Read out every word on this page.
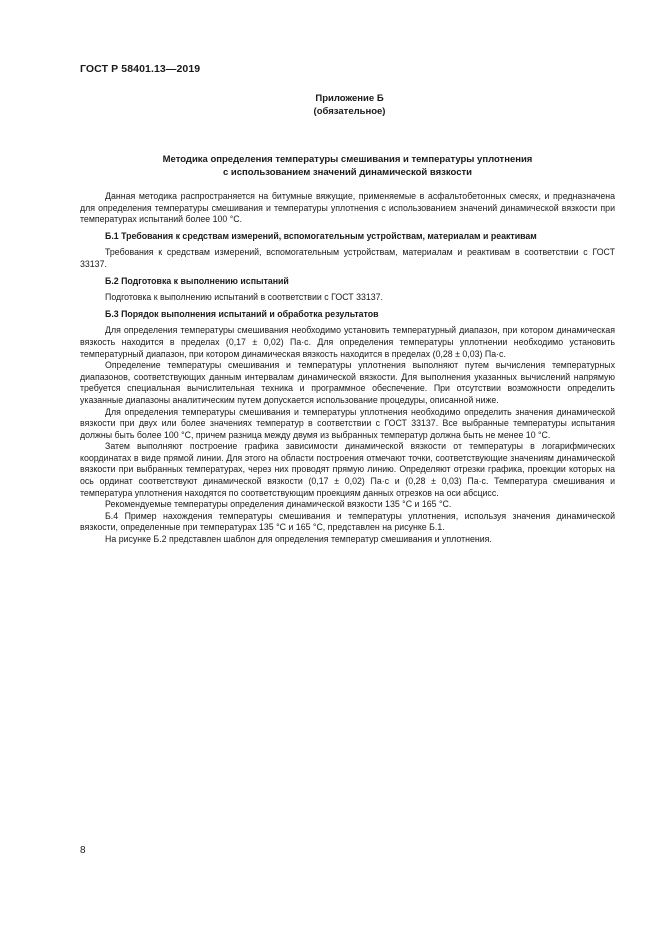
ГОСТ Р 58401.13—2019
Приложение Б
(обязательное)
Методика определения температуры смешивания и температуры уплотнения
с использованием значений динамической вязкости

Данная методика распространяется на битумные вяжущие, применяемые в асфальтобетонных смесях, и предназначена для определения температуры смешивания и температуры уплотнения с использованием значений динамической вязкости при температурах испытаний более 100 °С.

Б.1 Требования к средствам измерений, вспомогательным устройствам, материалам и реактивам

Требования к средствам измерений, вспомогательным устройствам, материалам и реактивам в соответствии с ГОСТ 33137.

Б.2 Подготовка к выполнению испытаний

Подготовка к выполнению испытаний в соответствии с ГОСТ 33137.

Б.3 Порядок выполнения испытаний и обработка результатов

Для определения температуры смешивания необходимо установить температурный диапазон, при котором динамическая вязкость находится в пределах (0,17 ± 0,02) Па·с. Для определения температуры уплотнении необходимо установить температурный диапазон, при котором динамическая вязкость находится в пределах (0,28 ± 0,03) Па·с.

Определение температуры смешивания и температуры уплотнения выполняют путем вычисления температурных диапазонов, соответствующих данным интервалам динамической вязкости. Для выполнения указанных вычислений напрямую требуется специальная вычислительная техника и программное обеспечение. При отсутствии возможности определить указанные диапазоны аналитическим путем допускается использование процедуры, описанной ниже.

Для определения температуры смешивания и температуры уплотнения необходимо определить значения динамической вязкости при двух или более значениях температур в соответствии с ГОСТ 33137. Все выбранные температуры испытания должны быть более 100 °С, причем разница между двумя из выбранных температур должна быть не менее 10 °С.

Затем выполняют построение графика зависимости динамической вязкости от температуры в логарифмических координатах в виде прямой линии. Для этого на области построения отмечают точки, соответствующие значениям динамической вязкости при выбранных температурах, через них проводят прямую линию. Определяют отрезки графика, проекции которых на ось ординат соответствуют динамической вязкости (0,17 ± 0,02) Па·с и (0,28 ± 0,03) Па·с. Температура смешивания и температура уплотнения находятся по соответствующим проекциям данных отрезков на оси абсцисс.

Рекомендуемые температуры определения динамической вязкости 135 °С и 165 °С.

Б.4 Пример нахождения температуры смешивания и температуры уплотнения, используя значения динамической вязкости, определенные при температурах 135 °С и 165 °С, представлен на рисунке Б.1.

На рисунке Б.2 представлен шаблон для определения температур смешивания и уплотнения.

8
